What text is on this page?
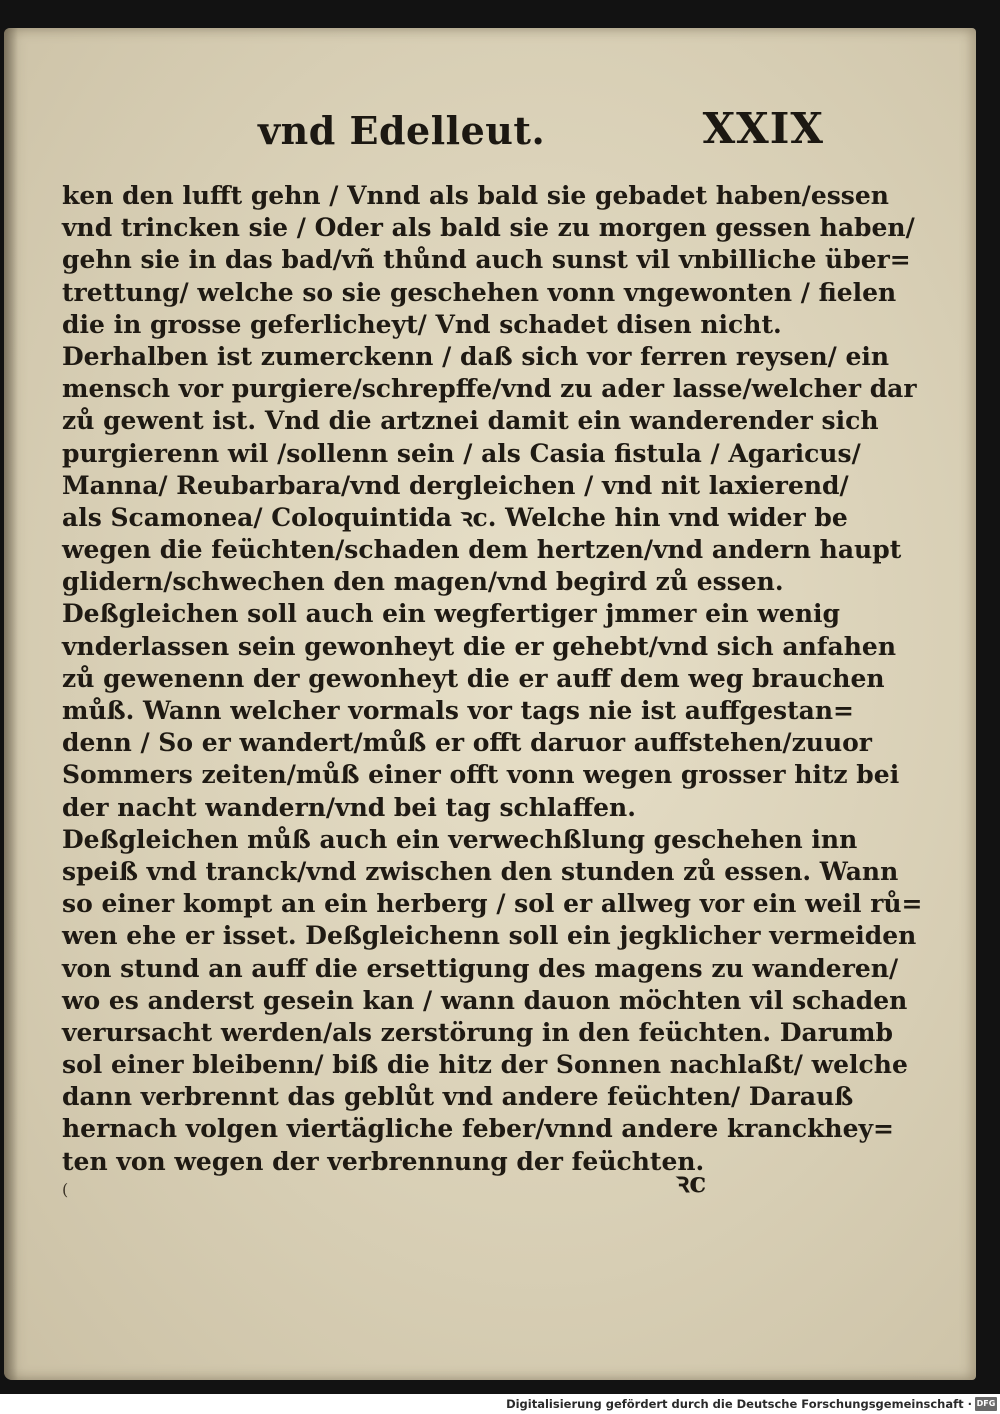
vnd Edelleut.	XXIX
ken den lufft gehn / Vnnd als bald sie gebadet haben/essen
vnd trincken sie / Oder als bald sie zu morgen gessen haben/
gehn sie in das bad/vñ thůnd auch sunst vil vnbilliche über=
trettung/ welche so sie geschehen vonn vngewonten / fielen
die in grosse geferlicheyt/ Vnd schadet disen nicht.
Derhalben ist zumerckenn / daß sich vor ferren reysen/ ein
mensch vor purgiere/schrepffe/vnd zu ader lasse/welcher dar
zů gewent ist. Vnd die artznei damit ein wanderender sich
purgierenn wil /sollenn sein / als Casia fistula / Agaricus/
Manna/ Reubarbara/vnd dergleichen / vnd nit laxierend/
als Scamonea/ Coloquintida ꝛc. Welche hin vnd wider be
wegen die feüchten/schaden dem hertzen/vnd andern haupt
glidern/schwechen den magen/vnd begird zů essen.
Deßgleichen soll auch ein wegfertiger jmmer ein wenig
vnderlassen sein gewonheyt die er gehebt/vnd sich anfahen
zů gewenenn der gewonheyt die er auff dem weg brauchen
můß. Wann welcher vormals vor tags nie ist auffgestan=
denn / So er wandert/můß er offt daruor auffstehen/zuuor
Sommers zeiten/můß einer offt vonn wegen grosser hitz bei
der nacht wandern/vnd bei tag schlaffen.
Deßgleichen můß auch ein verwechßlung geschehen inn
speiß vnd tranck/vnd zwischen den stunden zů essen. Wann
so einer kompt an ein herberg / sol er allweg vor ein weil rů=
wen ehe er isset. Deßgleichenn soll ein jegklicher vermeiden
von stund an auff die ersettigung des magens zu wanderen/
wo es anderst gesein kan / wann dauon möchten vil schaden
verursacht werden/als zerstörung in den feüchten. Darumb
sol einer bleibenn/ biß die hitz der Sonnen nachlaßt/ welche
dann verbrennt das geblůt vnd andere feüchten/ Darauß
hernach volgen viertägliche feber/vnnd andere kranckhey=
ten von wegen der verbrennung der feüchten.
ꝛc
(
Digitalisierung gefördert durch die Deutsche Forschungsgemeinschaft · DFG
